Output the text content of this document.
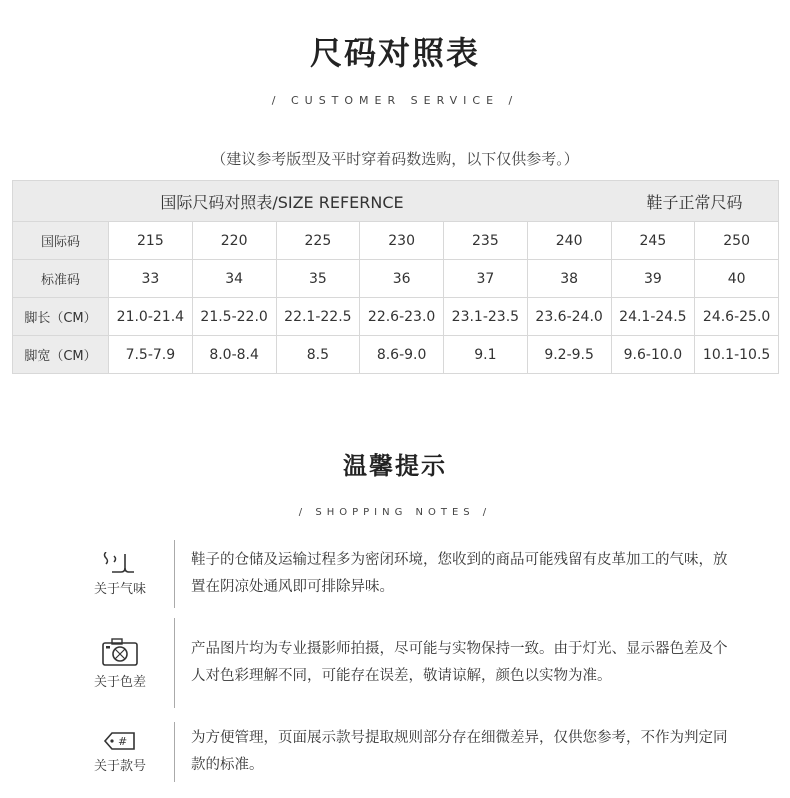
尺码对照表
/ CUSTOMER SERVICE /
（建议参考版型及平时穿着码数选购，以下仅供参考。）
国际尺码对照表/SIZE REFERNCE							鞋子正常尺码	
国际码	215	220	225	230	235	240	245	250
标准码	33	34	35	36	37	38	39	40
脚长（CM）	21.0-21.4	21.5-22.0	22.1-22.5	22.6-23.0	23.1-23.5	23.6-24.0	24.1-24.5	24.6-25.0
脚宽（CM）	7.5-7.9	8.0-8.4	8.5	8.6-9.0	9.1	9.2-9.5	9.6-10.0	10.1-10.5
温馨提示
/ SHOPPING NOTES /
关于气味
鞋子的仓储及运输过程多为密闭环境，您收到的商品可能残留有皮革加工的气味，放置在阴凉处通风即可排除异味。
关于色差
产品图片均为专业摄影师拍摄，尽可能与实物保持一致。由于灯光、显示器色差及个人对色彩理解不同，可能存在误差，敬请谅解，颜色以实物为准。
#
关于款号
为方便管理，页面展示款号提取规则部分存在细微差异，仅供您参考，不作为判定同款的标准。
